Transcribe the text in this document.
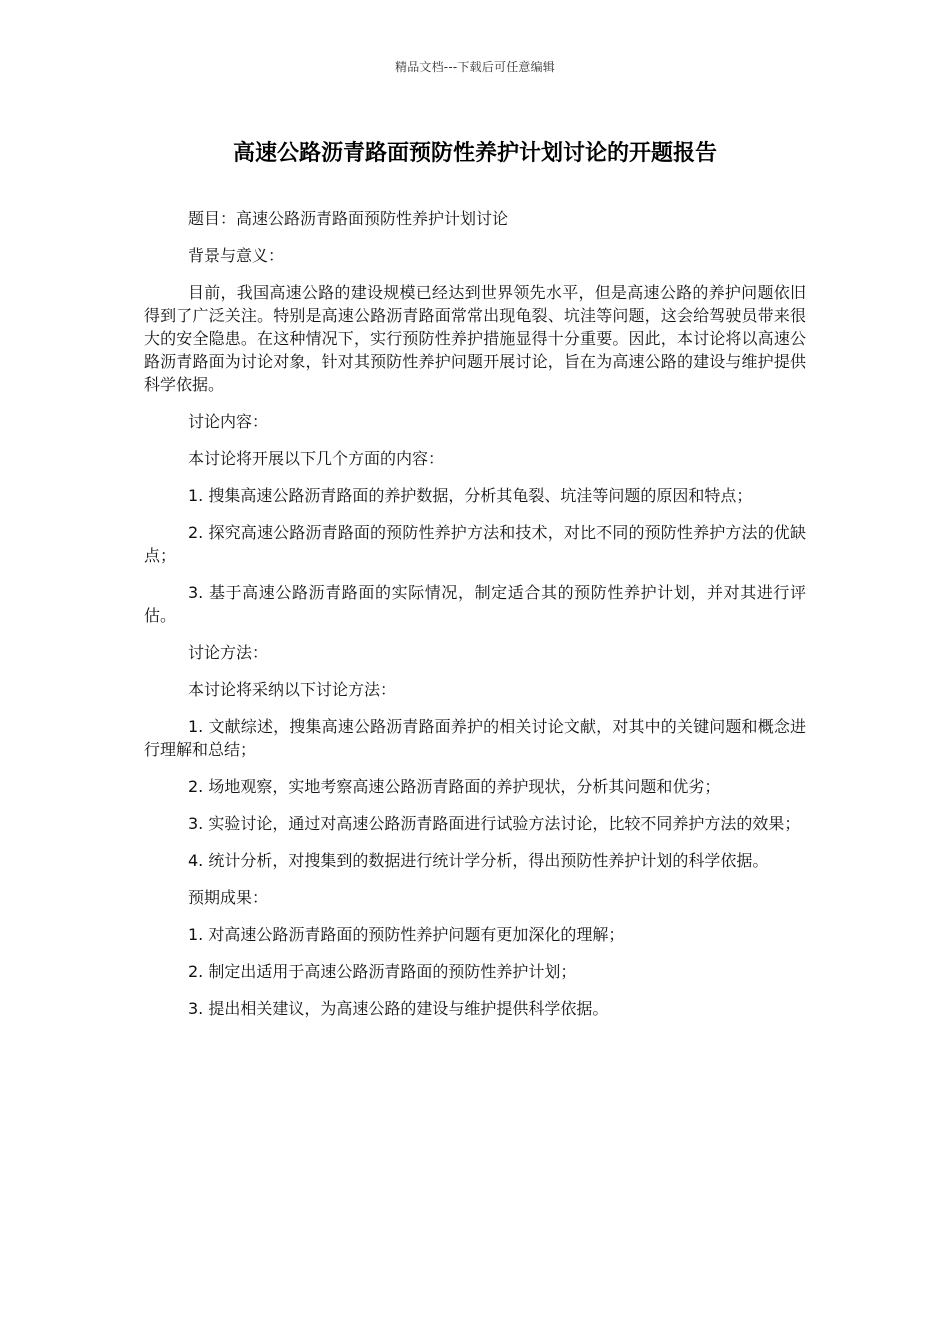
精品文档---下载后可任意编辑
高速公路沥青路面预防性养护计划讨论的开题报告

题目：高速公路沥青路面预防性养护计划讨论

背景与意义：

目前，我国高速公路的建设规模已经达到世界领先水平，但是高速公路的养护问题依旧得到了广泛关注。特别是高速公路沥青路面常常出现龟裂、坑洼等问题，这会给驾驶员带来很大的安全隐患。在这种情况下，实行预防性养护措施显得十分重要。因此，本讨论将以高速公路沥青路面为讨论对象，针对其预防性养护问题开展讨论，旨在为高速公路的建设与维护提供科学依据。

讨论内容：

本讨论将开展以下几个方面的内容：

1. 搜集高速公路沥青路面的养护数据，分析其龟裂、坑洼等问题的原因和特点；

2. 探究高速公路沥青路面的预防性养护方法和技术，对比不同的预防性养护方法的优缺点；

3. 基于高速公路沥青路面的实际情况，制定适合其的预防性养护计划，并对其进行评估。

讨论方法：

本讨论将采纳以下讨论方法：

1. 文献综述，搜集高速公路沥青路面养护的相关讨论文献，对其中的关键问题和概念进行理解和总结；

2. 场地观察，实地考察高速公路沥青路面的养护现状，分析其问题和优劣；

3. 实验讨论，通过对高速公路沥青路面进行试验方法讨论，比较不同养护方法的效果；

4. 统计分析，对搜集到的数据进行统计学分析，得出预防性养护计划的科学依据。

预期成果：

1. 对高速公路沥青路面的预防性养护问题有更加深化的理解；

2. 制定出适用于高速公路沥青路面的预防性养护计划；

3. 提出相关建议，为高速公路的建设与维护提供科学依据。
